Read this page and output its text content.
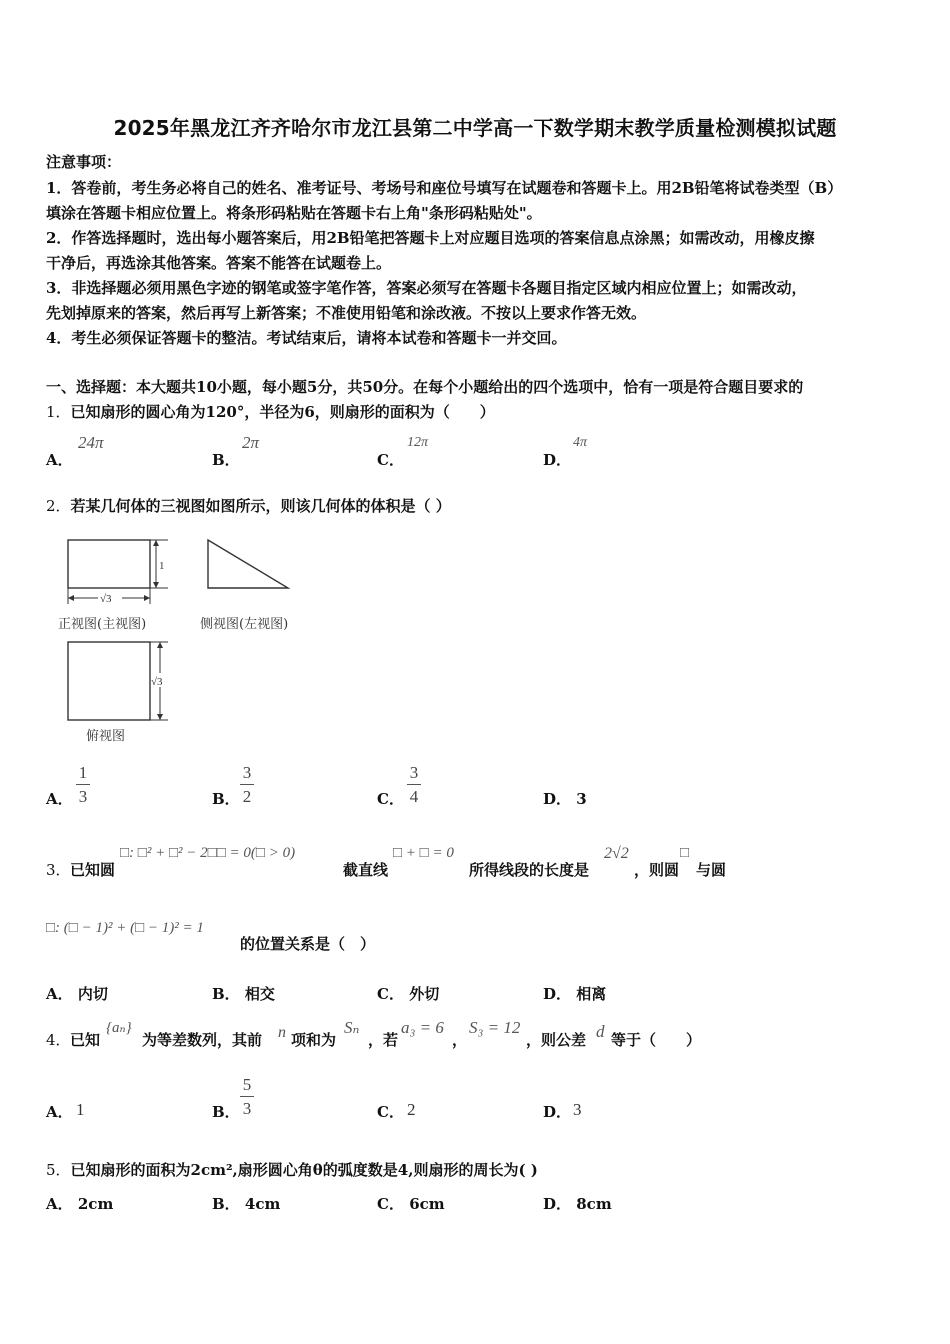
2025年黑龙江齐齐哈尔市龙江县第二中学高一下数学期末教学质量检测模拟试题
注意事项：
1．答卷前，考生务必将自己的姓名、准考证号、考场号和座位号填写在试题卷和答题卡上。用2B铅笔将试卷类型（B）
填涂在答题卡相应位置上。将条形码粘贴在答题卡右上角"条形码粘贴处"。
2．作答选择题时，选出每小题答案后，用2B铅笔把答题卡上对应题目选项的答案信息点涂黑；如需改动，用橡皮擦
干净后，再选涂其他答案。答案不能答在试题卷上。
3．非选择题必须用黑色字迹的钢笔或签字笔作答，答案必须写在答题卡各题目指定区域内相应位置上；如需改动，
先划掉原来的答案，然后再写上新答案；不准使用铅笔和涂改液。不按以上要求作答无效。
4．考生必须保证答题卡的整洁。考试结束后，请将本试卷和答题卡一并交回。
一、选择题：本大题共10小题，每小题5分，共50分。在每个小题给出的四个选项中，恰有一项是符合题目要求的
1．已知扇形的圆心角为120°，半径为6，则扇形的面积为（　　）
A．
24π
B．
2π
C．
12π
D．
4π
2．若某几何体的三视图如图所示，则该几何体的体积是（ ）
1
√3
正视图(主视图)	侧视图(左视图)
√3
俯视图
A．
1
3	B．
3
2	C．
3
4	D． 3
3． 已知圆
□: □² + □² − 2□□ = 0(□ > 0)
截直线
□ + □ = 0
所得线段的长度是
2√2
，则圆
□
与圆
□: (□ − 1)² + (□ − 1)² = 1
的位置关系是（　）
A． 内切	B． 相交	C． 外切	D． 相离
4． 已知
{aₙ}
为等差数列，其前 n 项和为
Sₙ
，若
a₃ = 6
，
S₃ = 12
，则公差 d 等于（　　）
A． 1	B．
5
3	C． 2	D． 3
5．已知扇形的面积为2cm²,扇形圆心角θ的弧度数是4,则扇形的周长为( )
A． 2cm	B． 4cm	C． 6cm	D． 8cm
